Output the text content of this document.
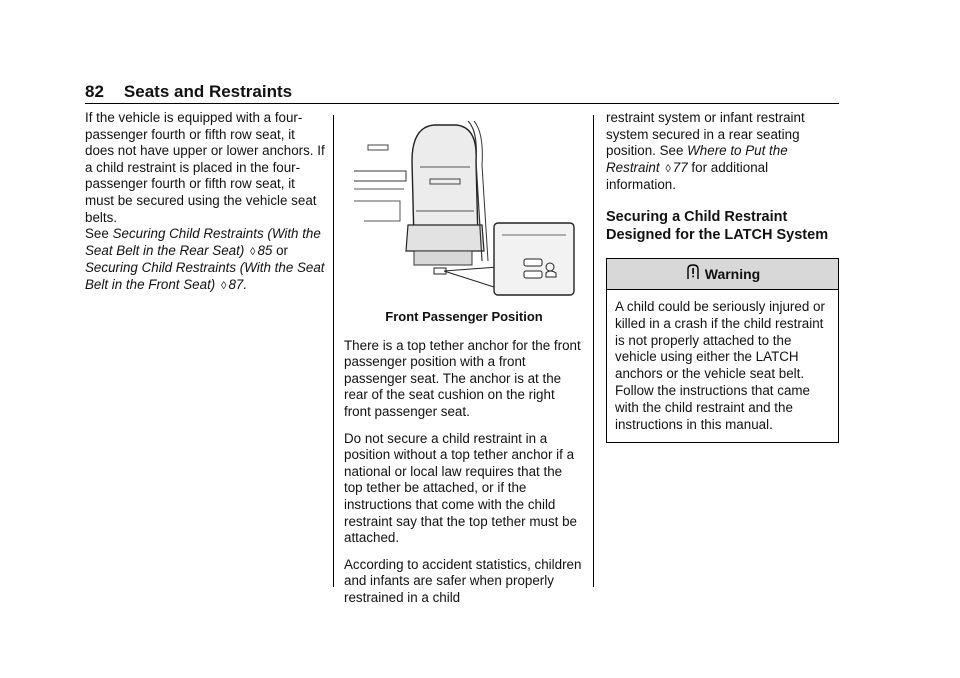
82 Seats and Restraints

If the vehicle is equipped with a four-passenger fourth or fifth row seat, it does not have upper or lower anchors. If a child restraint is placed in the four-passenger fourth or fifth row seat, it must be secured using the vehicle seat belts.

See Securing Child Restraints (With the Seat Belt in the Rear Seat) ◊ 85 or Securing Child Restraints (With the Seat Belt in the Front Seat) ◊ 87.

Front Passenger Position

There is a top tether anchor for the front passenger position with a front passenger seat. The anchor is at the rear of the seat cushion on the right front passenger seat.

Do not secure a child restraint in a position without a top tether anchor if a national or local law requires that the top tether be attached, or if the instructions that come with the child restraint say that the top tether must be attached.

According to accident statistics, children and infants are safer when properly restrained in a child

restraint system or infant restraint system secured in a rear seating position. See Where to Put the Restraint ◊ 77 for additional information.

Securing a Child Restraint Designed for the LATCH System
Warning
A child could be seriously injured or killed in a crash if the child restraint is not properly attached to the vehicle using either the LATCH anchors or the vehicle seat belt. Follow the instructions that came with the child restraint and the instructions in this manual.
